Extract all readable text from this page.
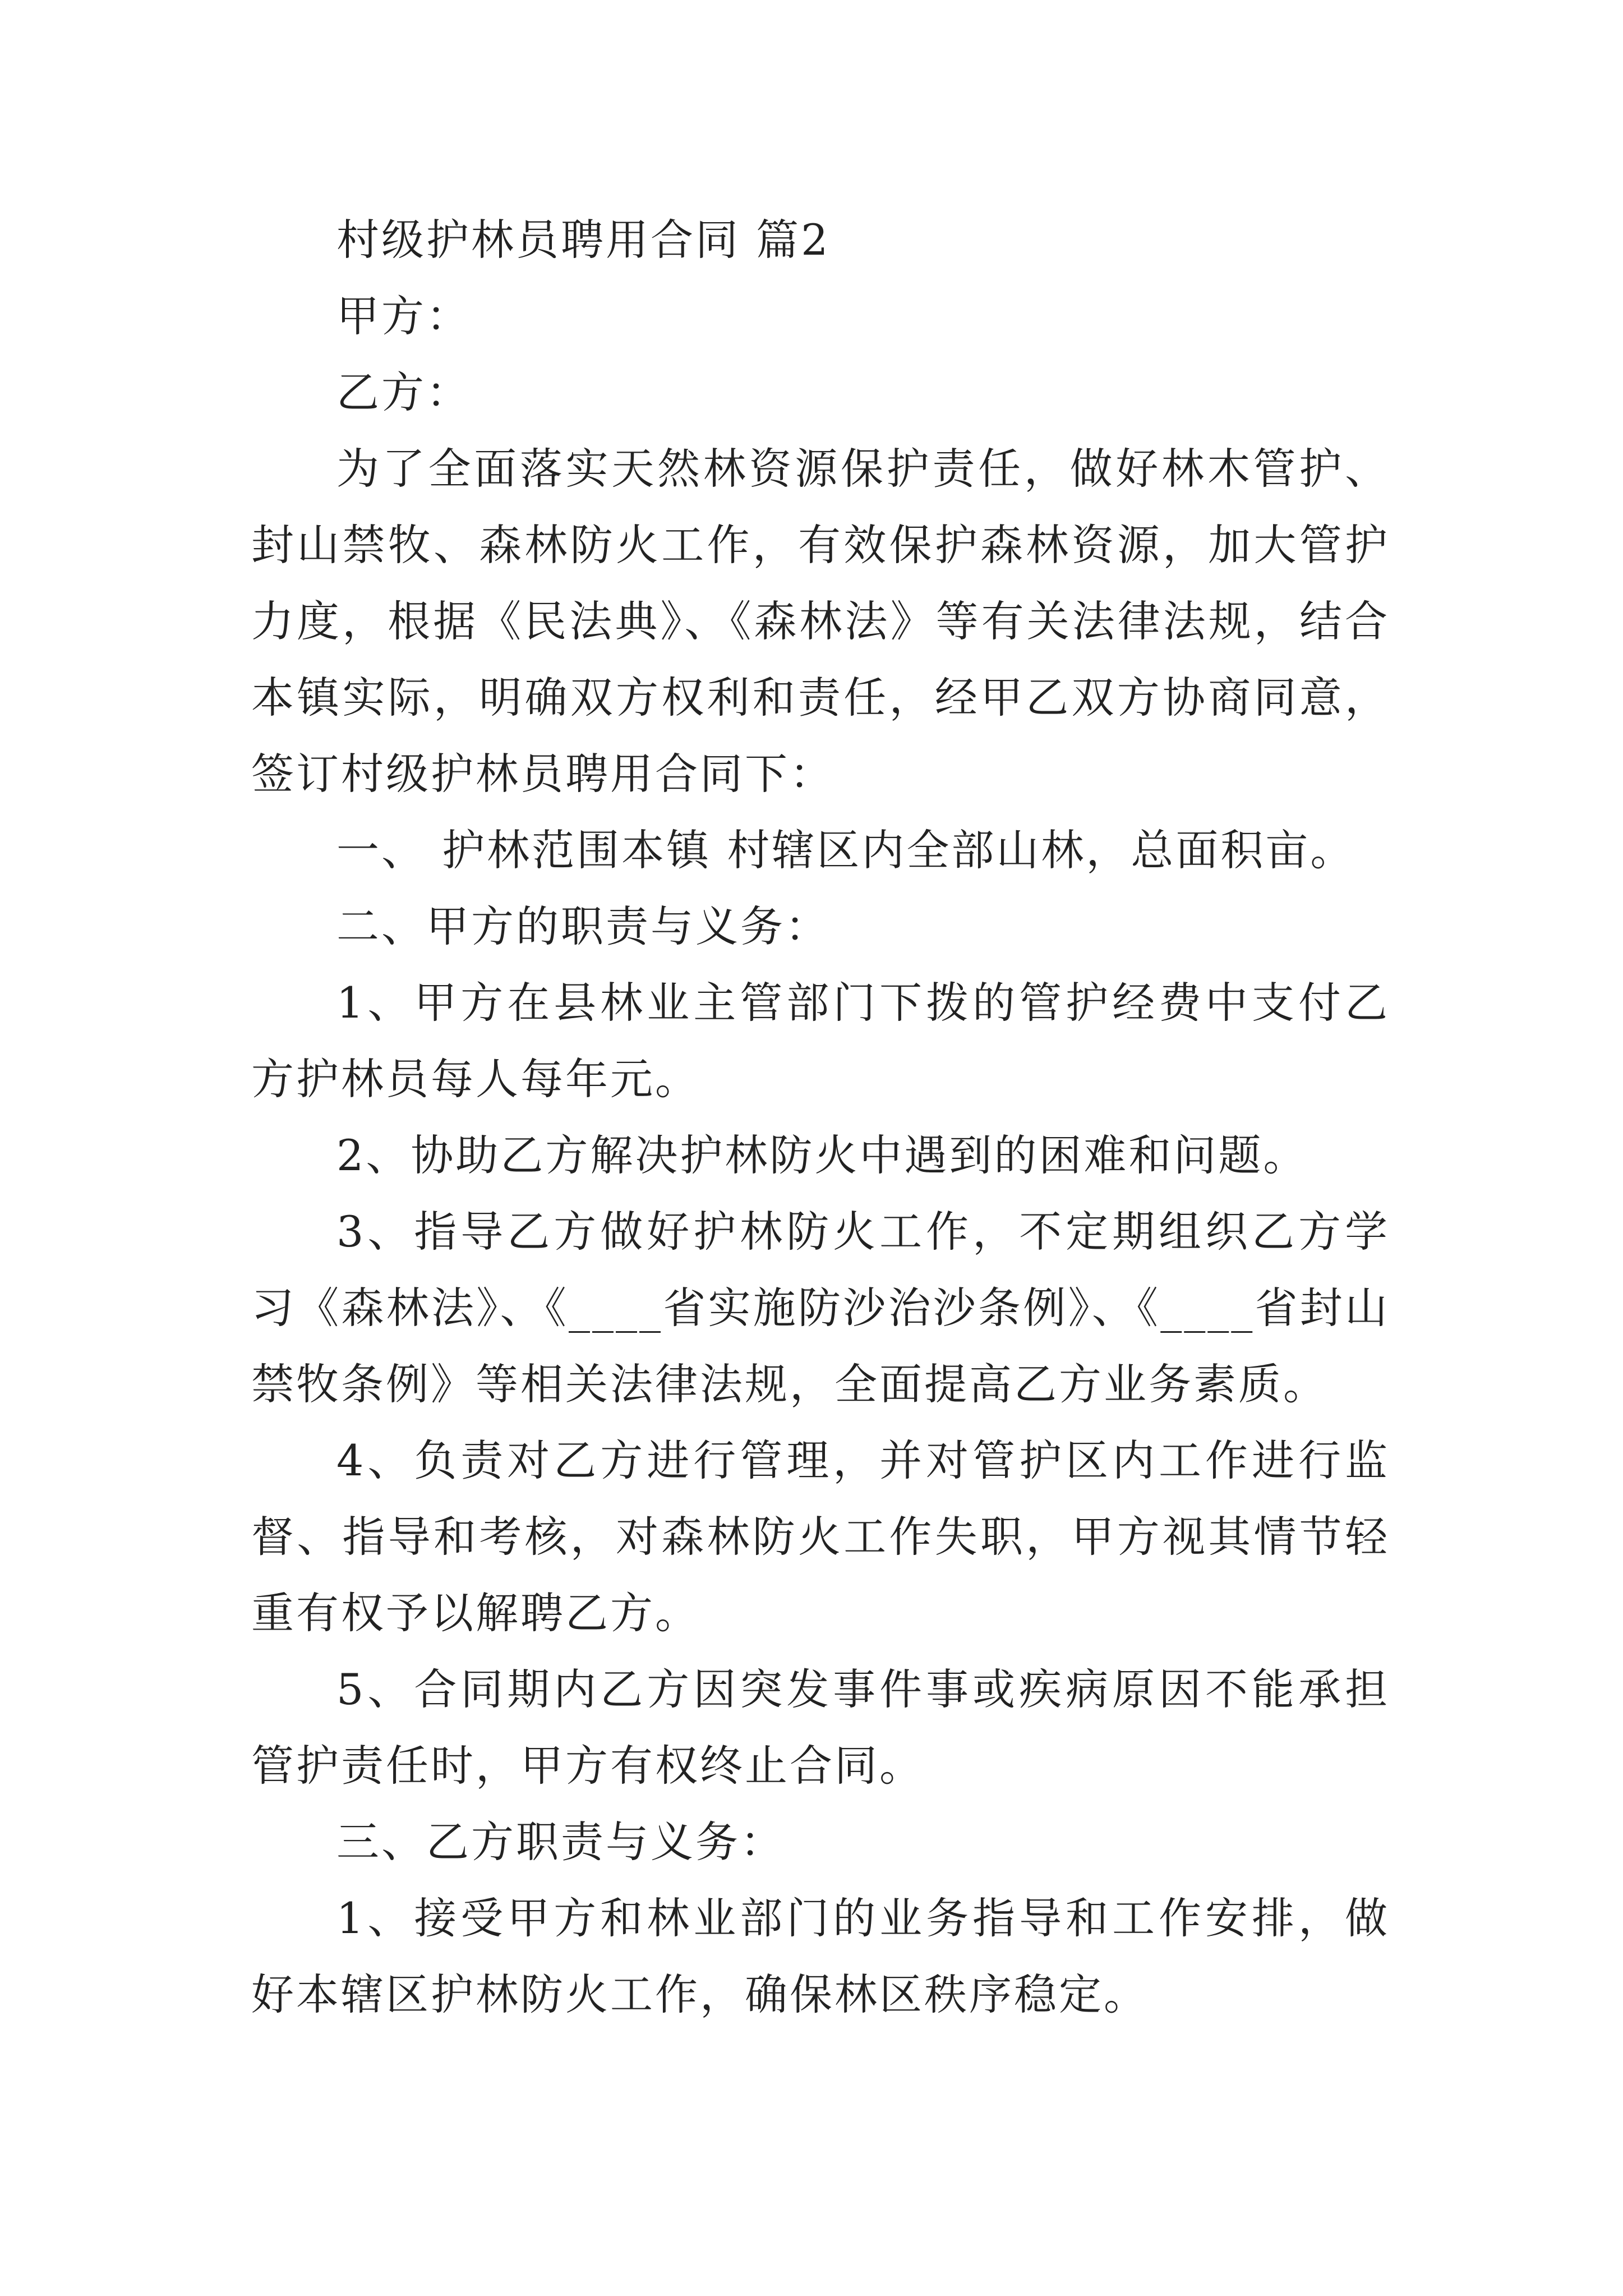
村级护林员聘用合同 篇2

甲方：

乙方：

为了全面落实天然林资源保护责任，做好林木管护、封山禁牧、森林防火工作，有效保护森林资源，加大管护力度，根据《民法典》、《森林法》等有关法律法规，结合本镇实际，明确双方权利和责任，经甲乙双方协商同意，签订村级护林员聘用合同下：

一、 护林范围本镇 村辖区内全部山林，总面积亩。

二、甲方的职责与义务：

1、甲方在县林业主管部门下拨的管护经费中支付乙方护林员每人每年元。

2、协助乙方解决护林防火中遇到的困难和问题。

3、指导乙方做好护林防火工作，不定期组织乙方学习《森林法》、《____省实施防沙治沙条例》、《____省封山禁牧条例》等相关法律法规，全面提高乙方业务素质。

4、负责对乙方进行管理，并对管护区内工作进行监督、指导和考核，对森林防火工作失职，甲方视其情节轻重有权予以解聘乙方。

5、合同期内乙方因突发事件事或疾病原因不能承担管护责任时，甲方有权终止合同。

三、乙方职责与义务：

1、接受甲方和林业部门的业务指导和工作安排，做好本辖区护林防火工作，确保林区秩序稳定。
